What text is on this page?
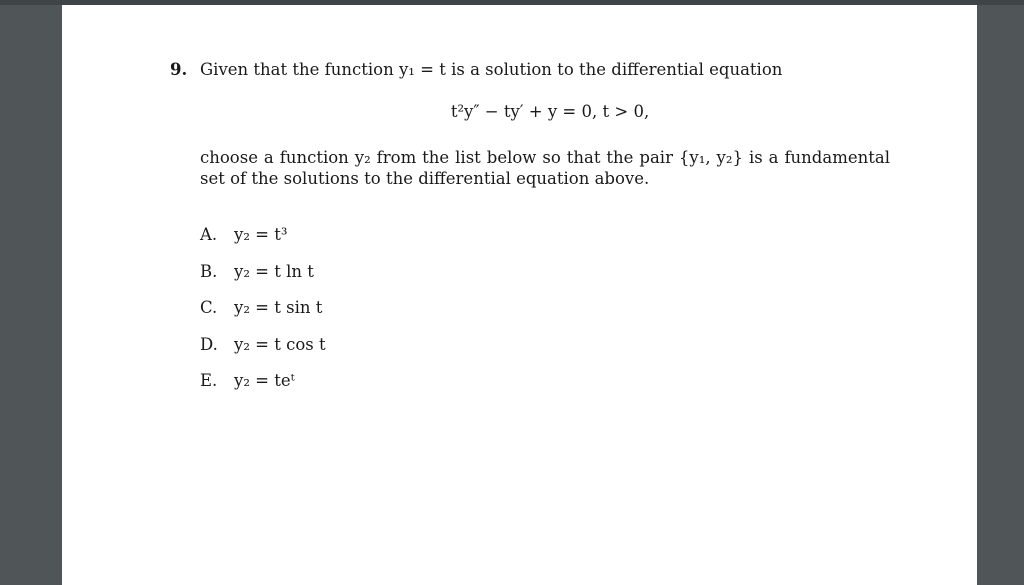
9. Given that the function y₁ = t is a solution to the differential equation
t²y″ − ty′ + y = 0, t > 0,
choose a function y₂ from the list below so that the pair {y₁, y₂} is a fundamental set of the solutions to the differential equation above.
A. y₂ = t³
B. y₂ = t ln t
C. y₂ = t sin t
D. y₂ = t cos t
E. y₂ = teᵗ
